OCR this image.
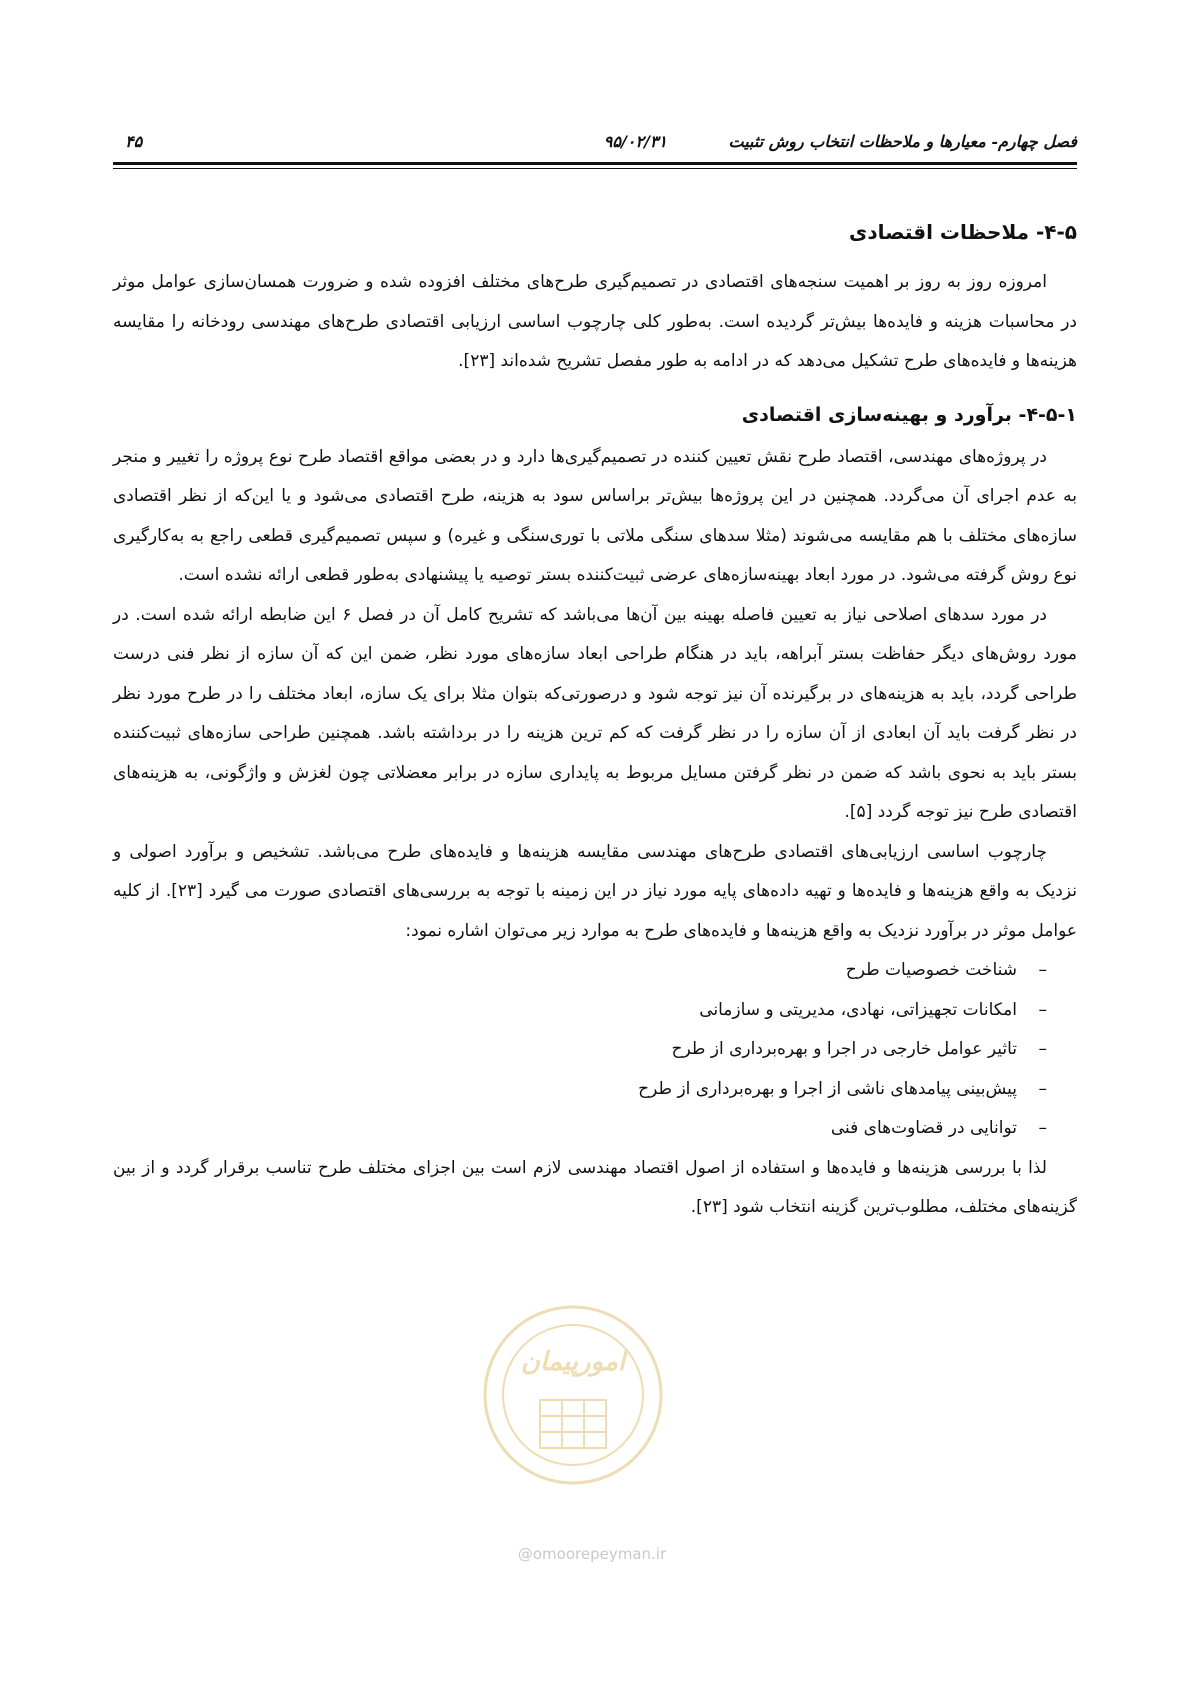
فصل چهارم- معیارها و ملاحظات انتخاب روش تثبیت
۹۵/۰۲/۳۱
۴۵
۴-۵- ملاحظات اقتصادی

امروزه روز به روز بر اهمیت سنجه‌های اقتصادی در تصمیم‌گیری طرح‌های مختلف افزوده شده و ضرورت همسان‌سازی عوامل موثر در محاسبات هزینه و فایده‌ها بیش‌تر گردیده است. به‌طور کلی چارچوب اساسی ارزیابی اقتصادی طرح‌های مهندسی رودخانه را مقایسه هزینه‌ها و فایده‌های طرح تشکیل می‌دهد که در ادامه به طور مفصل تشریح شده‌اند [۲۳].

۴-۵-۱- برآورد و بهینه‌سازی اقتصادی

در پروژه‌های مهندسی، اقتصاد طرح نقش تعیین کننده در تصمیم‌گیری‌ها دارد و در بعضی مواقع اقتصاد طرح نوع پروژه را تغییر و منجر به عدم اجرای آن می‌گردد. همچنین در این پروژه‌ها بیش‌تر براساس سود به هزینه، طرح اقتصادی می‌شود و یا این‌که از نظر اقتصادی سازه‌های مختلف با هم مقایسه می‌شوند (مثلا سدهای سنگی ملاتی با توری‌سنگی و غیره) و سپس تصمیم‌گیری قطعی راجع به به‌کارگیری نوع روش گرفته می‌شود. در مورد ابعاد بهینه‌سازه‌های عرضی ثبیت‌کننده بستر توصیه یا پیشنهادی به‌طور قطعی ارائه نشده است.

در مورد سدهای اصلاحی نیاز به تعیین فاصله بهینه بین آن‌ها می‌باشد که تشریح کامل آن در فصل ۶ این ضابطه ارائه شده است. در مورد روش‌های دیگر حفاظت بستر آبراهه، باید در هنگام طراحی ابعاد سازه‌های مورد نظر، ضمن این که آن سازه از نظر فنی درست طراحی گردد، باید به هزینه‌های در برگیرنده آن نیز توجه شود و درصورتی‌که بتوان مثلا برای یک سازه، ابعاد مختلف را در طرح مورد نظر در نظر گرفت باید آن ابعادی از آن سازه را در نظر گرفت که کم ترین هزینه را در برداشته باشد. همچنین طراحی سازه‌های ثبیت‌کننده بستر باید به نحوی باشد که ضمن در نظر گرفتن مسایل مربوط به پایداری سازه در برابر معضلاتی چون لغزش و واژگونی، به هزینه‌های اقتصادی طرح نیز توجه گردد [۵].

چارچوب اساسی ارزیابی‌های اقتصادی طرح‌های مهندسی مقایسه هزینه‌ها و فایده‌های طرح می‌باشد. تشخیص و برآورد اصولی و نزدیک به واقع هزینه‌ها و فایده‌ها و تهیه داده‌های پایه مورد نیاز در این زمینه با توجه به بررسی‌های اقتصادی صورت می گیرد [۲۳]. از کلیه عوامل موثر در برآورد نزدیک به واقع هزینه‌ها و فایده‌های طرح به موارد زیر می‌توان اشاره نمود:

–
شناخت خصوصیات طرح
–
امکانات تجهیزاتی، نهادی، مدیریتی و سازمانی
–
تاثیر عوامل خارجی در اجرا و بهره‌برداری از طرح
–
پیش‌بینی پیامدهای ناشی از اجرا و بهره‌برداری از طرح
–
توانایی در قضاوت‌های فنی

لذا با بررسی هزینه‌ها و فایده‌ها و استفاده از اصول اقتصاد مهندسی لازم است بین اجزای مختلف طرح تناسب برقرار گردد و از بین گزینه‌های مختلف، مطلوب‌ترین گزینه انتخاب شود [۲۳].

امورپیمان
@omoorepeyman.ir
